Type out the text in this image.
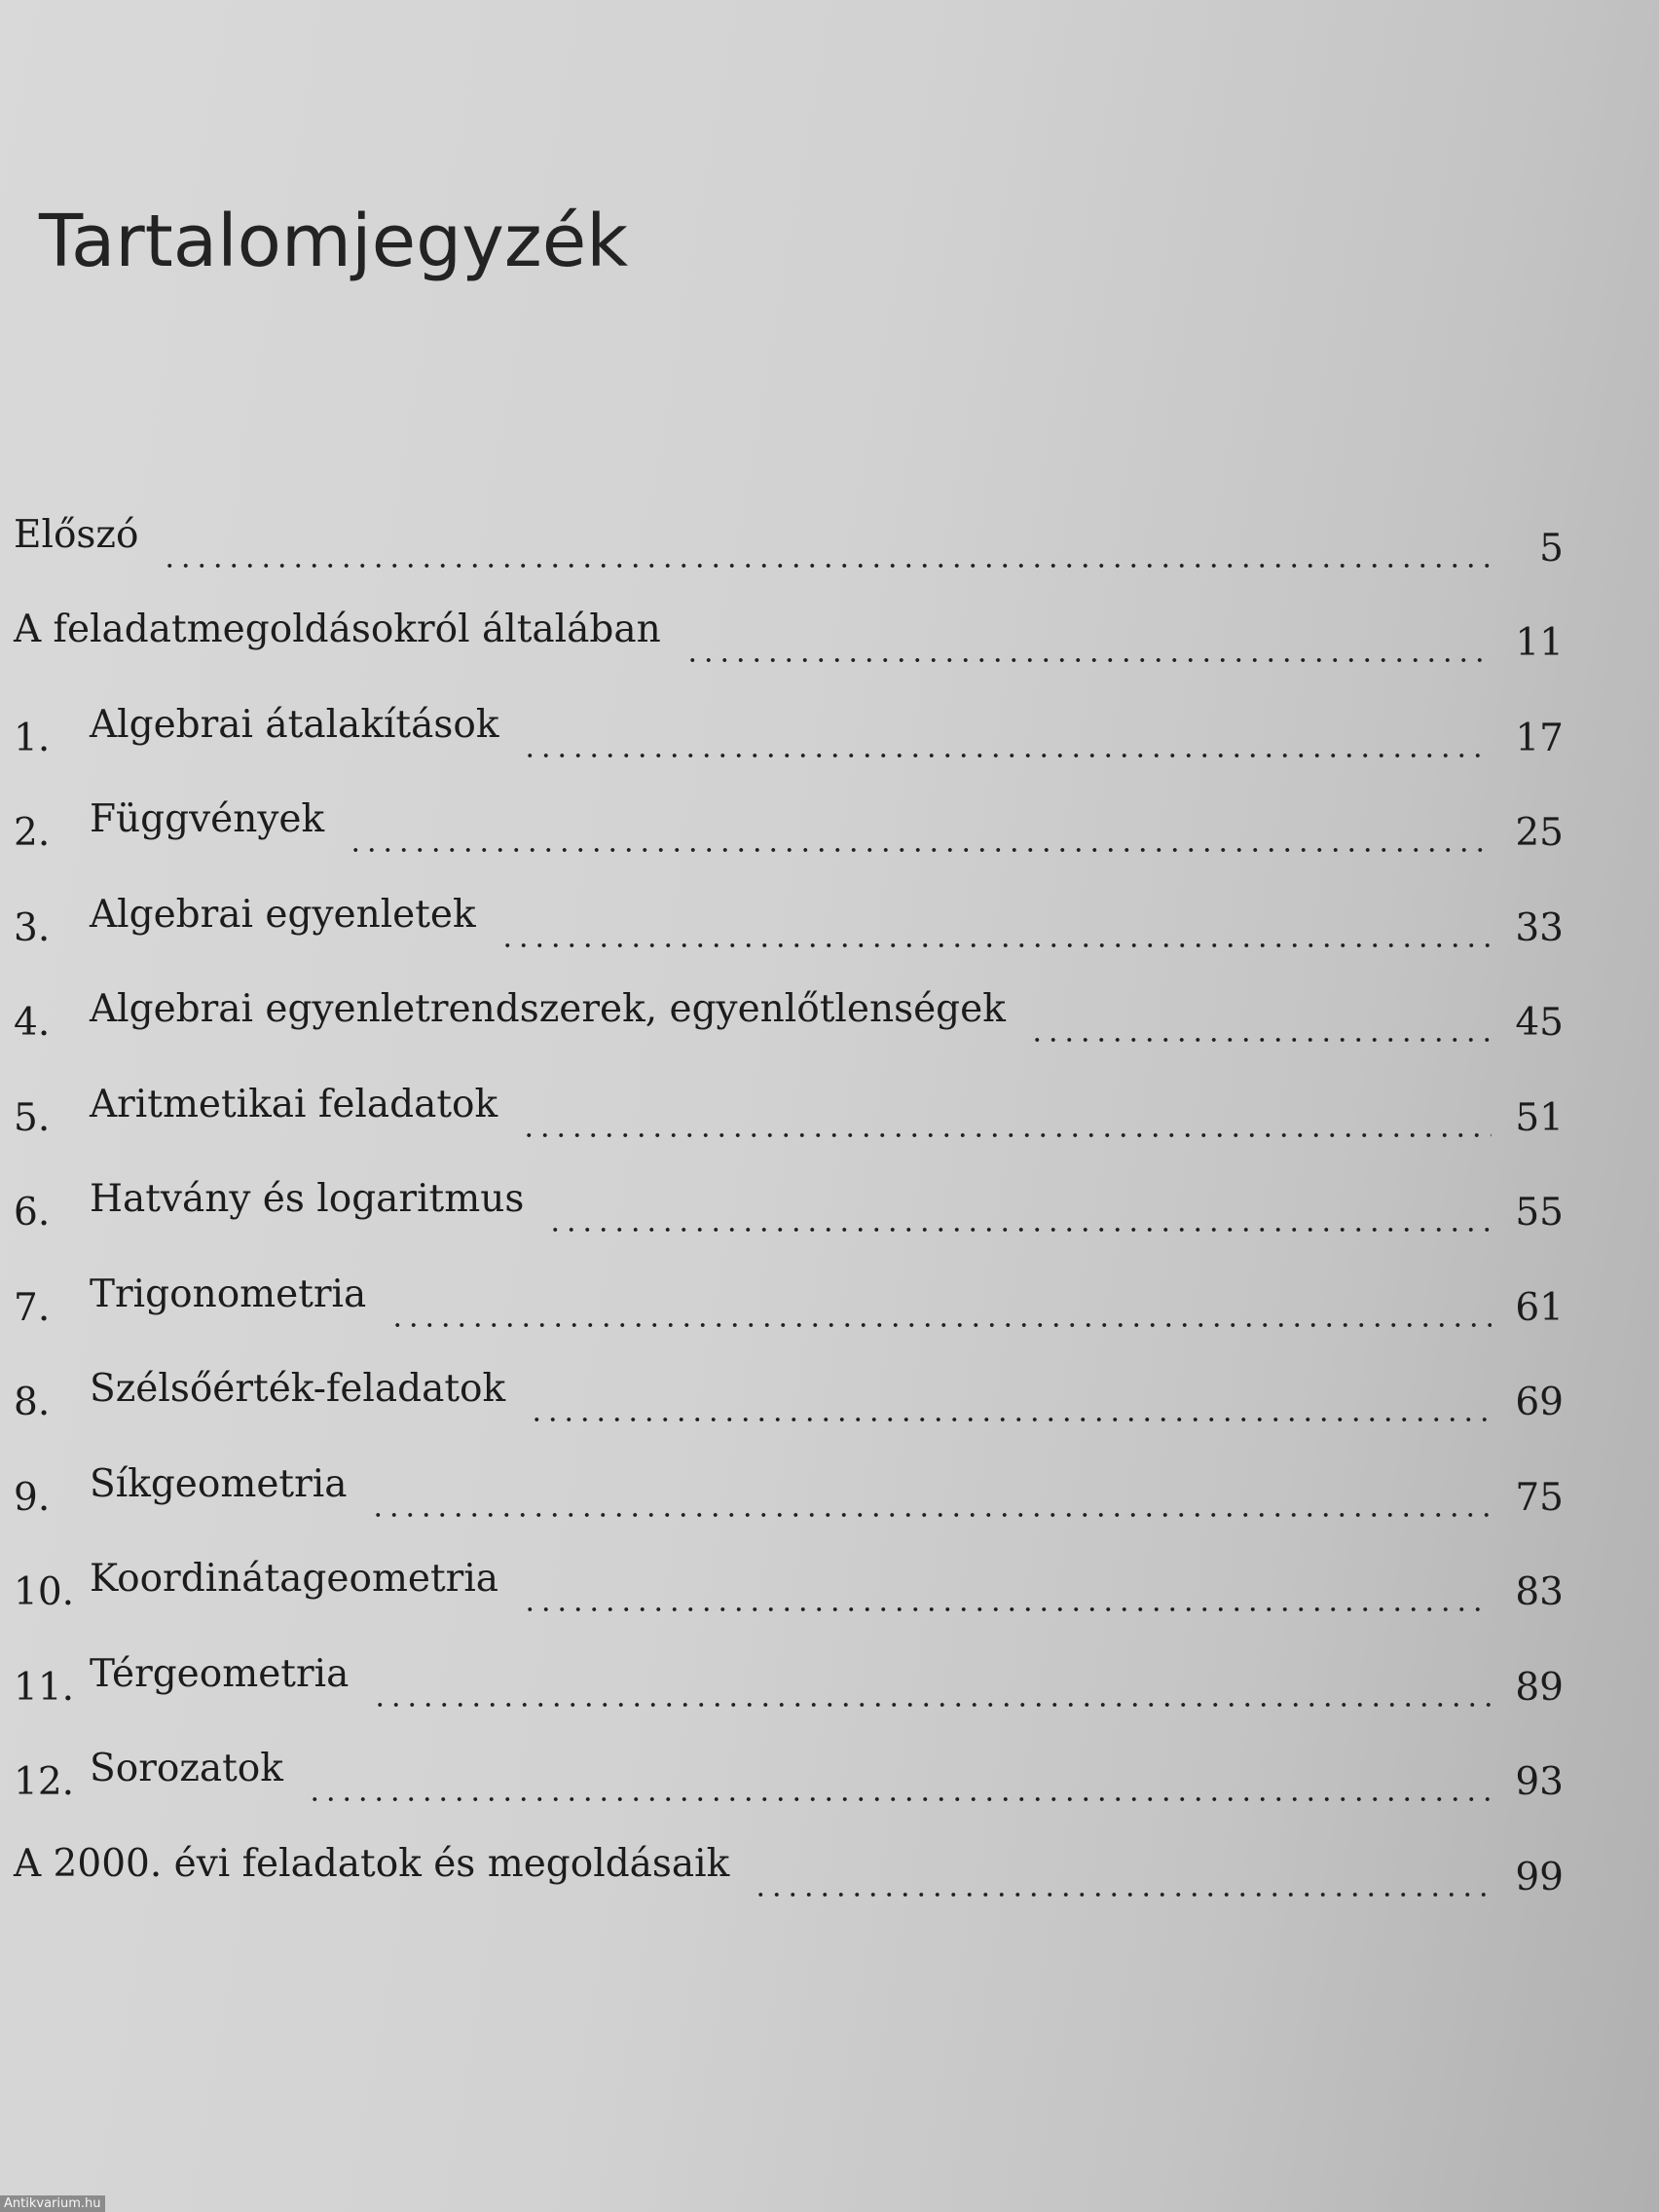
Tartalomjegyzék
Előszó	5
A feladatmegoldásokról általában	11
1.	Algebrai átalakítások	17
2.	Függvények	25
3.	Algebrai egyenletek	33
4.	Algebrai egyenletrendszerek, egyenlőtlenségek	45
5.	Aritmetikai feladatok	51
6.	Hatvány és logaritmus	55
7.	Trigonometria	61
8.	Szélsőérték-feladatok	69
9.	Síkgeometria	75
10. Koordinátageometria	83
11. Térgeometria	89
12. Sorozatok	93
A 2000. évi feladatok és megoldásaik	99
Antikvarium.hu
